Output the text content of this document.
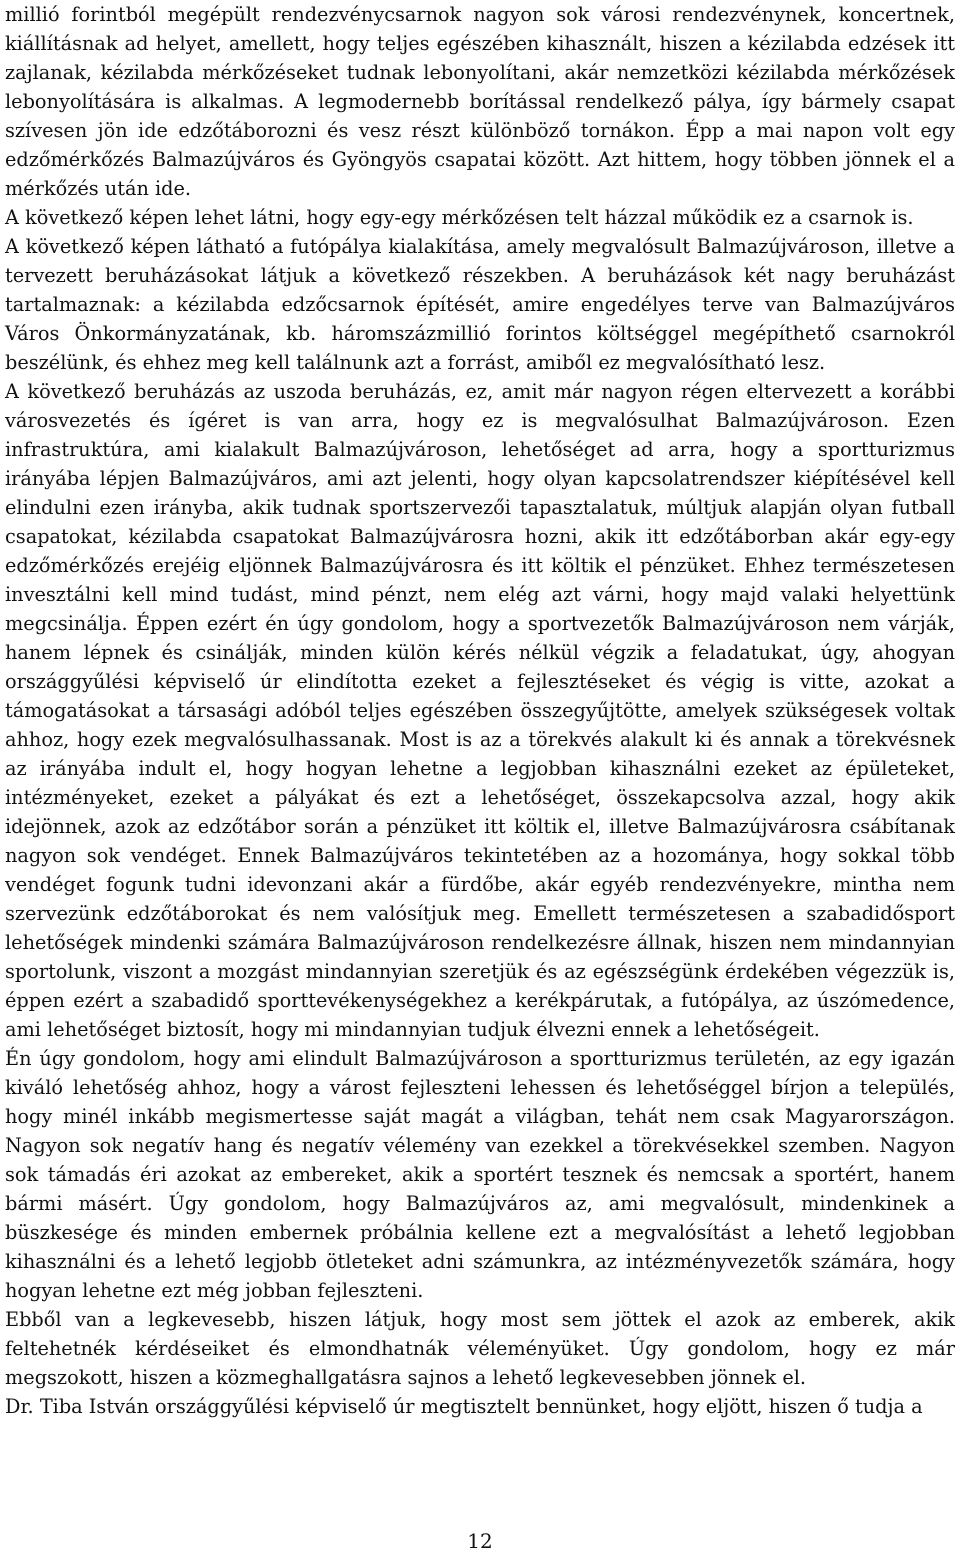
millió forintból megépült rendezvénycsarnok nagyon sok városi rendezvénynek, koncertnek, kiállításnak ad helyet, amellett, hogy teljes egészében kihasznált, hiszen a kézilabda edzések itt zajlanak, kézilabda mérkőzéseket tudnak lebonyolítani, akár nemzetközi kézilabda mérkőzések lebonyolítására is alkalmas. A legmodernebb borítással rendelkező pálya, így bármely csapat szívesen jön ide edzőtáborozni és vesz részt különböző tornákon. Épp a mai napon volt egy edzőmérkőzés Balmazújváros és Gyöngyös csapatai között. Azt hittem, hogy többen jönnek el a mérkőzés után ide.

A következő képen lehet látni, hogy egy-egy mérkőzésen telt házzal működik ez a csarnok is.

A következő képen látható a futópálya kialakítása, amely megvalósult Balmazújvároson, illetve a tervezett beruházásokat látjuk a következő részekben. A beruházások két nagy beruházást tartalmaznak: a kézilabda edzőcsarnok építését, amire engedélyes terve van Balmazújváros Város Önkormányzatának, kb. háromszázmillió forintos költséggel megépíthető csarnokról beszélünk, és ehhez meg kell találnunk azt a forrást, amiből ez megvalósítható lesz.

A következő beruházás az uszoda beruházás, ez, amit már nagyon régen eltervezett a korábbi városvezetés és ígéret is van arra, hogy ez is megvalósulhat Balmazújvároson. Ezen infrastruktúra, ami kialakult Balmazújvároson, lehetőséget ad arra, hogy a sportturizmus irányába lépjen Balmazújváros, ami azt jelenti, hogy olyan kapcsolatrendszer kiépítésével kell elindulni ezen irányba, akik tudnak sportszervezői tapasztalatuk, múltjuk alapján olyan futball csapatokat, kézilabda csapatokat Balmazújvárosra hozni, akik itt edzőtáborban akár egy-egy edzőmérkőzés erejéig eljönnek Balmazújvárosra és itt költik el pénzüket. Ehhez természetesen invesztálni kell mind tudást, mind pénzt, nem elég azt várni, hogy majd valaki helyettünk megcsinálja. Éppen ezért én úgy gondolom, hogy a sportvezetők Balmazújvároson nem várják, hanem lépnek és csinálják, minden külön kérés nélkül végzik a feladatukat, úgy, ahogyan országgyűlési képviselő úr elindította ezeket a fejlesztéseket és végig is vitte, azokat a támogatásokat a társasági adóból teljes egészében összegyűjtötte, amelyek szükségesek voltak ahhoz, hogy ezek megvalósulhassanak. Most is az a törekvés alakult ki és annak a törekvésnek az irányába indult el, hogy hogyan lehetne a legjobban kihasználni ezeket az épületeket, intézményeket, ezeket a pályákat és ezt a lehetőséget, összekapcsolva azzal, hogy akik idejönnek, azok az edzőtábor során a pénzüket itt költik el, illetve Balmazújvárosra csábítanak nagyon sok vendéget. Ennek Balmazújváros tekintetében az a hozománya, hogy sokkal több vendéget fogunk tudni idevonzani akár a fürdőbe, akár egyéb rendezvényekre, mintha nem szervezünk edzőtáborokat és nem valósítjuk meg. Emellett természetesen a szabadidősport lehetőségek mindenki számára Balmazújvároson rendelkezésre állnak, hiszen nem mindannyian sportolunk, viszont a mozgást mindannyian szeretjük és az egészségünk érdekében végezzük is, éppen ezért a szabadidő sporttevékenységekhez a kerékpárutak, a futópálya, az úszómedence, ami lehetőséget biztosít, hogy mi mindannyian tudjuk élvezni ennek a lehetőségeit.

Én úgy gondolom, hogy ami elindult Balmazújvároson a sportturizmus területén, az egy igazán kiváló lehetőség ahhoz, hogy a várost fejleszteni lehessen és lehetőséggel bírjon a település, hogy minél inkább megismertesse saját magát a világban, tehát nem csak Magyarországon. Nagyon sok negatív hang és negatív vélemény van ezekkel a törekvésekkel szemben. Nagyon sok támadás éri azokat az embereket, akik a sportért tesznek és nemcsak a sportért, hanem bármi másért. Úgy gondolom, hogy Balmazújváros az, ami megvalósult, mindenkinek a büszkesége és minden embernek próbálnia kellene ezt a megvalósítást a lehető legjobban kihasználni és a lehető legjobb ötleteket adni számunkra, az intézményvezetők számára, hogy hogyan lehetne ezt még jobban fejleszteni.

Ebből van a legkevesebb, hiszen látjuk, hogy most sem jöttek el azok az emberek, akik feltehetnék kérdéseiket és elmondhatnák véleményüket. Úgy gondolom, hogy ez már megszokott, hiszen a közmeghallgatásra sajnos a lehető legkevesebben jönnek el.

Dr. Tiba István országgyűlési képviselő úr megtisztelt bennünket, hogy eljött, hiszen ő tudja a

12
